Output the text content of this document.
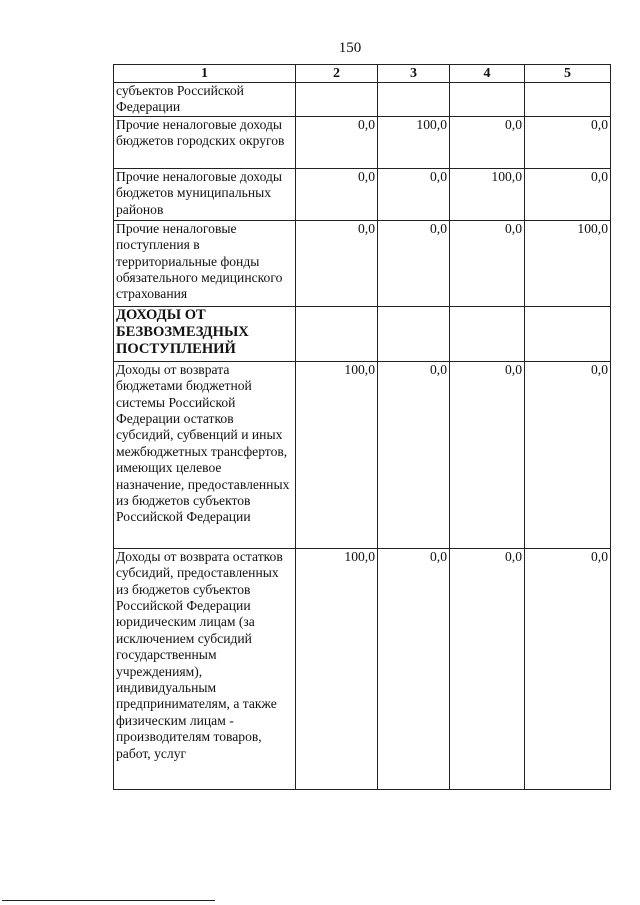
150
1	2	3	4	5
субъектов Российской Федерации				
Прочие неналоговые доходы бюджетов городских округов	0,0	100,0	0,0	0,0
Прочие неналоговые доходы бюджетов муниципальных районов	0,0	0,0	100,0	0,0
Прочие неналоговые поступления в территориальные фонды обязательного медицинского страхования	0,0	0,0	0,0	100,0
ДОХОДЫ ОТ БЕЗВОЗМЕЗДНЫХ ПОСТУПЛЕНИЙ				
Доходы от возврата бюджетами бюджетной системы Российской Федерации остатков субсидий, субвенций и иных межбюджетных трансфертов, имеющих целевое назначение, предоставленных из бюджетов субъектов Российской Федерации	100,0	0,0	0,0	0,0
Доходы от возврата остатков субсидий, предоставленных из бюджетов субъектов Российской Федерации юридическим лицам (за исключением субсидий государственным учреждениям), индивидуальным предпринимателям, а также физическим лицам - производителям товаров, работ, услуг	100,0	0,0	0,0	0,0
